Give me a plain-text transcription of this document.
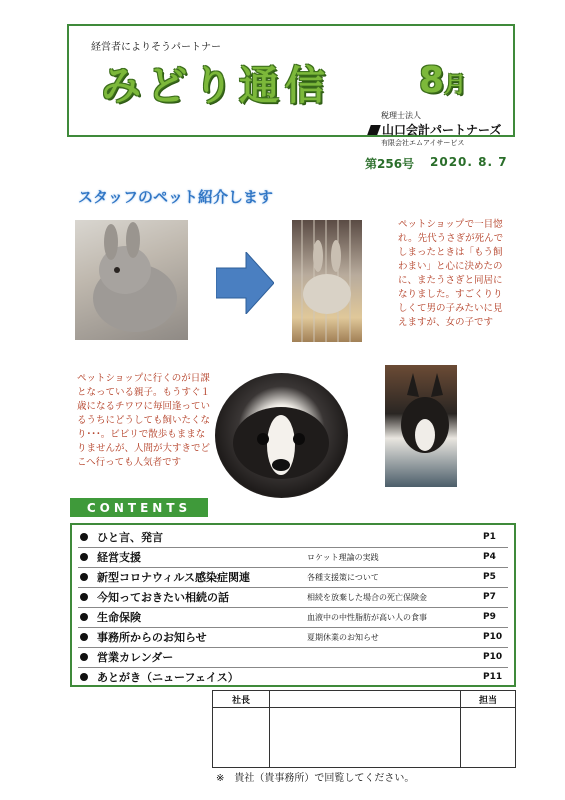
経営者によりそうパートナー
みどり通信 8月
税理士法人
山口会計パートナーズ
有限会社エムアイサービス
第256号 2020. 8. 7
スタッフのペット紹介します
ペットショップで一目惚れ。先代うさぎが死んでしまったときは「もう飼わまい」と心に決めたのに、またうさぎと同居になりました。すごくりりしくて男の子みたいに見えますが、女の子です
ペットショップに行くのが日課となっている親子。もうすぐ１歳になるチワワに毎回逢っているうちにどうしても飼いたくなり･･･。ビビリで散歩もままなりませんが、人間が大すきでどこへ行っても人気者です
CONTENTS
ひと言、発言	P1
経営支援	ロケット理論の実践	P4
新型コロナウィルス感染症関連	各種支援策について	P5
今知っておきたい相続の話	相続を放棄した場合の死亡保険金	P7
生命保険	血液中の中性脂肪が高い人の食事	P9
事務所からのお知らせ	夏期休業のお知らせ	P10
営業カレンダー	P10
あとがき（ニューフェイス）	P11
社長	担当
※　貴社（貴事務所）で回覧してください。
